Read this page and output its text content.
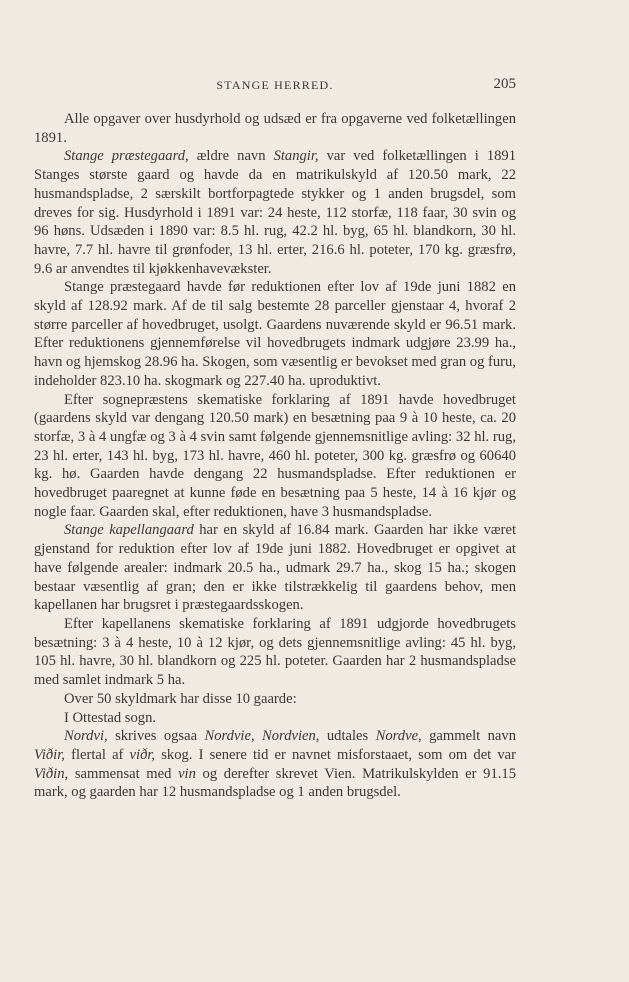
STANGE HERRED.	205

Alle opgaver over husdyrhold og udsæd er fra opgaverne ved folketællingen 1891.

Stange præstegaard, ældre navn Stangir, var ved folketællingen i 1891 Stanges største gaard og havde da en matrikulskyld af 120.50 mark, 22 husmandspladse, 2 særskilt bortforpagtede stykker og 1 anden brugsdel, som dreves for sig. Husdyrhold i 1891 var: 24 heste, 112 storfæ, 118 faar, 30 svin og 96 høns. Udsæden i 1890 var: 8.5 hl. rug, 42.2 hl. byg, 65 hl. blandkorn, 30 hl. havre, 7.7 hl. havre til grønfoder, 13 hl. erter, 216.6 hl. poteter, 170 kg. græsfrø, 9.6 ar anvendtes til kjøkkenhavevækster.

Stange præstegaard havde før reduktionen efter lov af 19de juni 1882 en skyld af 128.92 mark. Af de til salg bestemte 28 parceller gjenstaar 4, hvoraf 2 større parceller af hovedbruget, usolgt. Gaardens nuværende skyld er 96.51 mark. Efter reduktionens gjennemførelse vil hovedbrugets indmark udgjøre 23.99 ha., havn og hjemskog 28.96 ha. Skogen, som væsentlig er bevokset med gran og furu, indeholder 823.10 ha. skogmark og 227.40 ha. uproduktivt.

Efter sognepræstens skematiske forklaring af 1891 havde hovedbruget (gaardens skyld var dengang 120.50 mark) en besætning paa 9 à 10 heste, ca. 20 storfæ, 3 à 4 ungfæ og 3 à 4 svin samt følgende gjennemsnitlige avling: 32 hl. rug, 23 hl. erter, 143 hl. byg, 173 hl. havre, 460 hl. poteter, 300 kg. græsfrø og 60640 kg. hø. Gaarden havde dengang 22 husmandspladse. Efter reduktionen er hovedbruget paaregnet at kunne føde en besætning paa 5 heste, 14 à 16 kjør og nogle faar. Gaarden skal, efter reduktionen, have 3 husmandspladse.

Stange kapellangaard har en skyld af 16.84 mark. Gaarden har ikke været gjenstand for reduktion efter lov af 19de juni 1882. Hovedbruget er opgivet at have følgende arealer: indmark 20.5 ha., udmark 29.7 ha., skog 15 ha.; skogen bestaar væsentlig af gran; den er ikke tilstrækkelig til gaardens behov, men kapellanen har brugsret i præstegaardsskogen.

Efter kapellanens skematiske forklaring af 1891 udgjorde hovedbrugets besætning: 3 à 4 heste, 10 à 12 kjør, og dets gjennemsnitlige avling: 45 hl. byg, 105 hl. havre, 30 hl. blandkorn og 225 hl. poteter. Gaarden har 2 husmandspladse med samlet indmark 5 ha.

Over 50 skyldmark har disse 10 gaarde:

I Ottestad sogn.

Nordvi, skrives ogsaa Nordvie, Nordvien, udtales Nordve, gammelt navn Viðir, flertal af viðr, skog. I senere tid er navnet misforstaaet, som om det var Viðin, sammensat med vin og derefter skrevet Vien. Matrikulskylden er 91.15 mark, og gaarden har 12 husmandspladse og 1 anden brugsdel.
